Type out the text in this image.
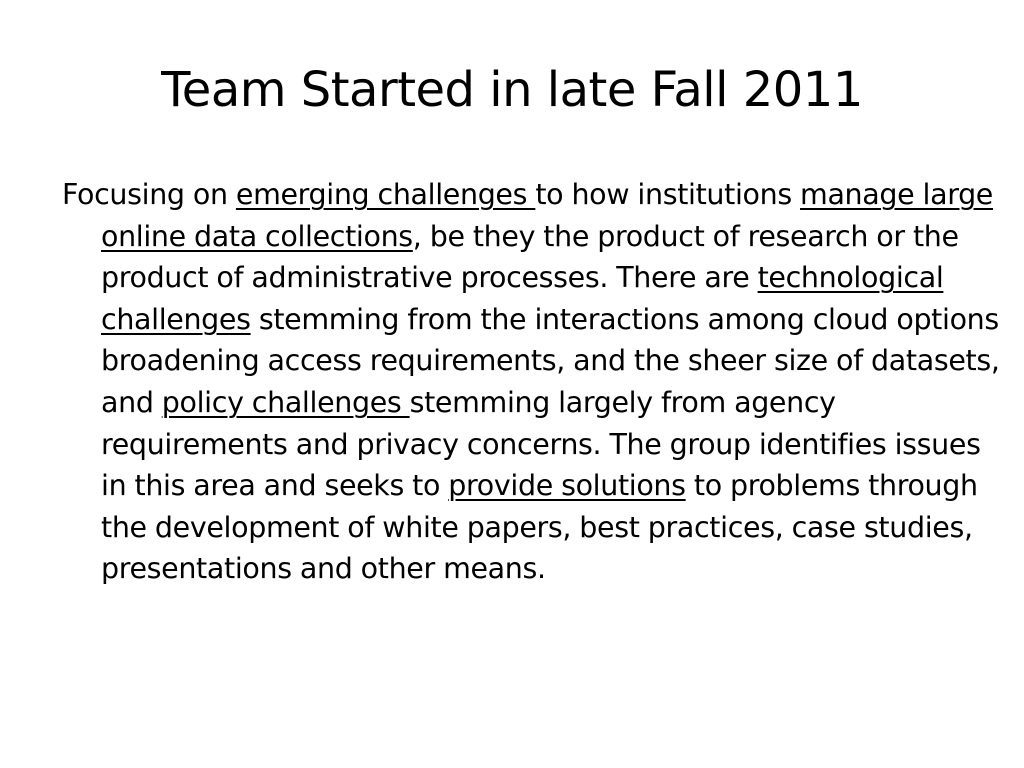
Team Started in late Fall 2011

Focusing on emerging challenges to how institutions manage large online data collections, be they the product of research or the product of administrative processes. There are technological challenges stemming from the interactions among cloud options broadening access requirements, and the sheer size of datasets, and policy challenges stemming largely from agency requirements and privacy concerns. The group identifies issues in this area and seeks to provide solutions to problems through the development of white papers, best practices, case studies, presentations and other means.
